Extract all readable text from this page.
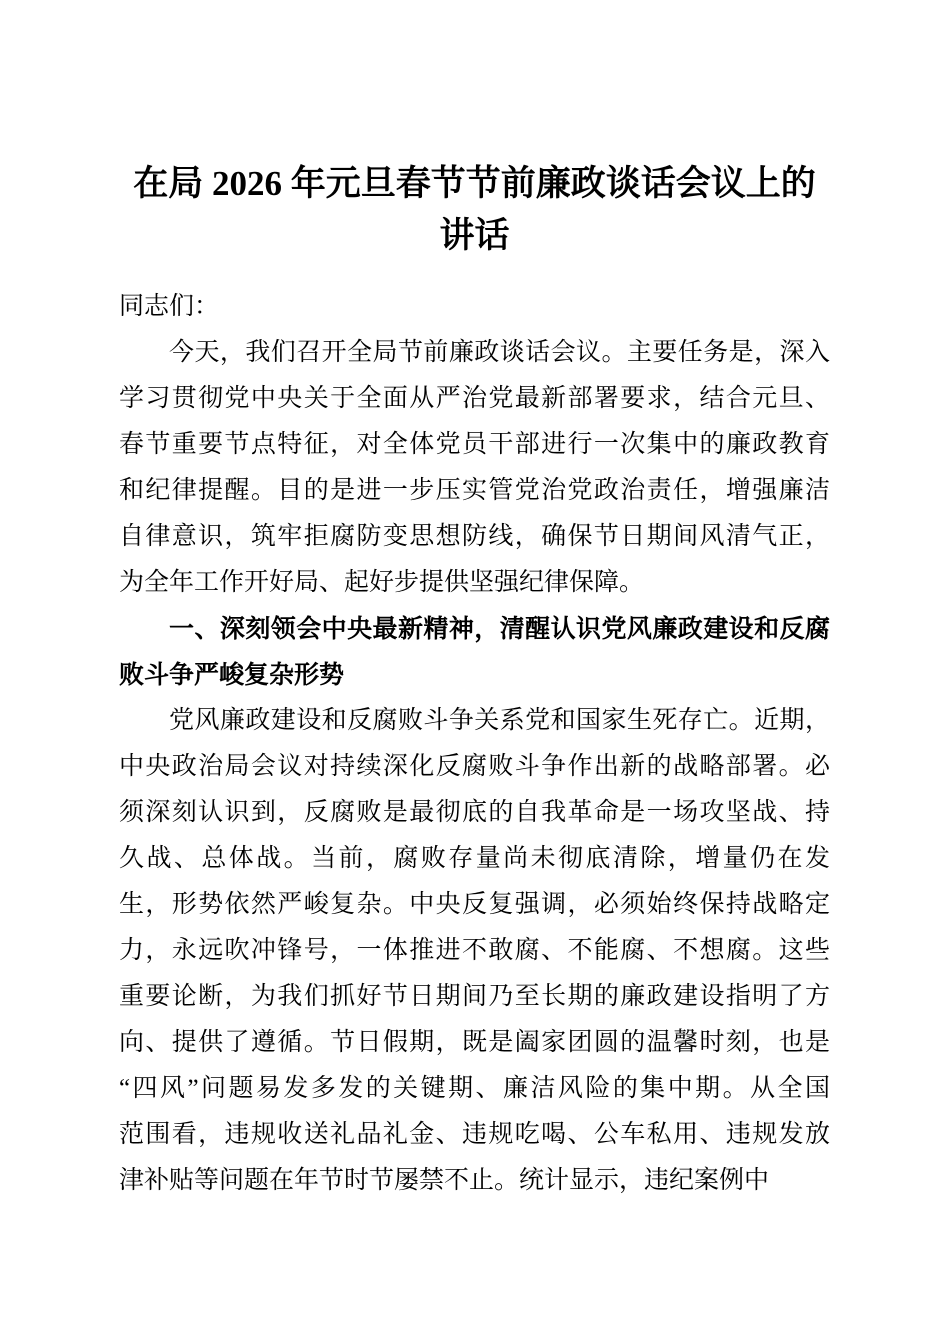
在局 2026 年元旦春节节前廉政谈话会议上的
讲话
同志们：
今天，我们召开全局节前廉政谈话会议。主要任务是，深入
学习贯彻党中央关于全面从严治党最新部署要求，结合元旦、
春节重要节点特征，对全体党员干部进行一次集中的廉政教育
和纪律提醒。目的是进一步压实管党治党政治责任，增强廉洁
自律意识，筑牢拒腐防变思想防线，确保节日期间风清气正，
为全年工作开好局、起好步提供坚强纪律保障。
一、深刻领会中央最新精神，清醒认识党风廉政建设和反腐
败斗争严峻复杂形势
党风廉政建设和反腐败斗争关系党和国家生死存亡。近期，
中央政治局会议对持续深化反腐败斗争作出新的战略部署。必
须深刻认识到，反腐败是最彻底的自我革命是一场攻坚战、持
久战、总体战。当前，腐败存量尚未彻底清除，增量仍在发
生，形势依然严峻复杂。中央反复强调，必须始终保持战略定
力，永远吹冲锋号，一体推进不敢腐、不能腐、不想腐。这些
重要论断，为我们抓好节日期间乃至长期的廉政建设指明了方
向、提供了遵循。节日假期，既是阖家团圆的温馨时刻，也是
“四风”问题易发多发的关键期、廉洁风险的集中期。从全国
范围看，违规收送礼品礼金、违规吃喝、公车私用、违规发放
津补贴等问题在年节时节屡禁不止。统计显示，违纪案例中
